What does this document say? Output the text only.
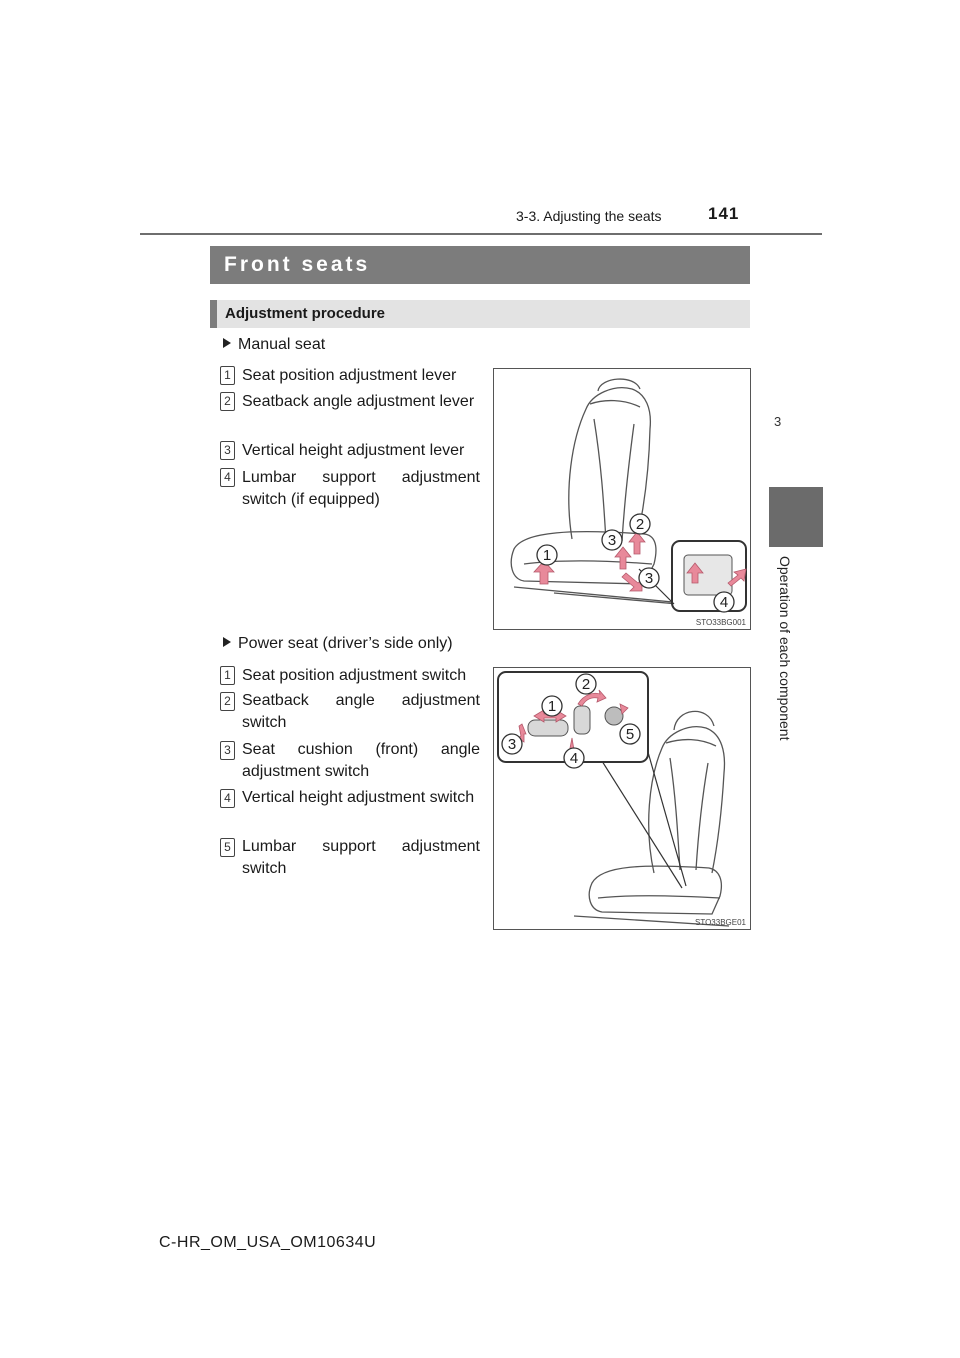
3-3. Adjusting the seats	141
3
Operation of each component
Front seats
Adjustment procedure
Manual seat
1 Seat position adjustment lever
2 Seatback angle adjustment lever
3 Vertical height adjustment lever
4 Lumbar support adjustment switch (if equipped)
1
2
3
3
4
STO33BG001
Power seat (driver’s side only)
1 Seat position adjustment switch
2 Seatback angle adjustment switch
3 Seat cushion (front) angle adjustment switch
4 Vertical height adjustment switch
5 Lumbar support adjustment switch
1
2
3
4
5
STO33BGE01
C-HR_OM_USA_OM10634U
